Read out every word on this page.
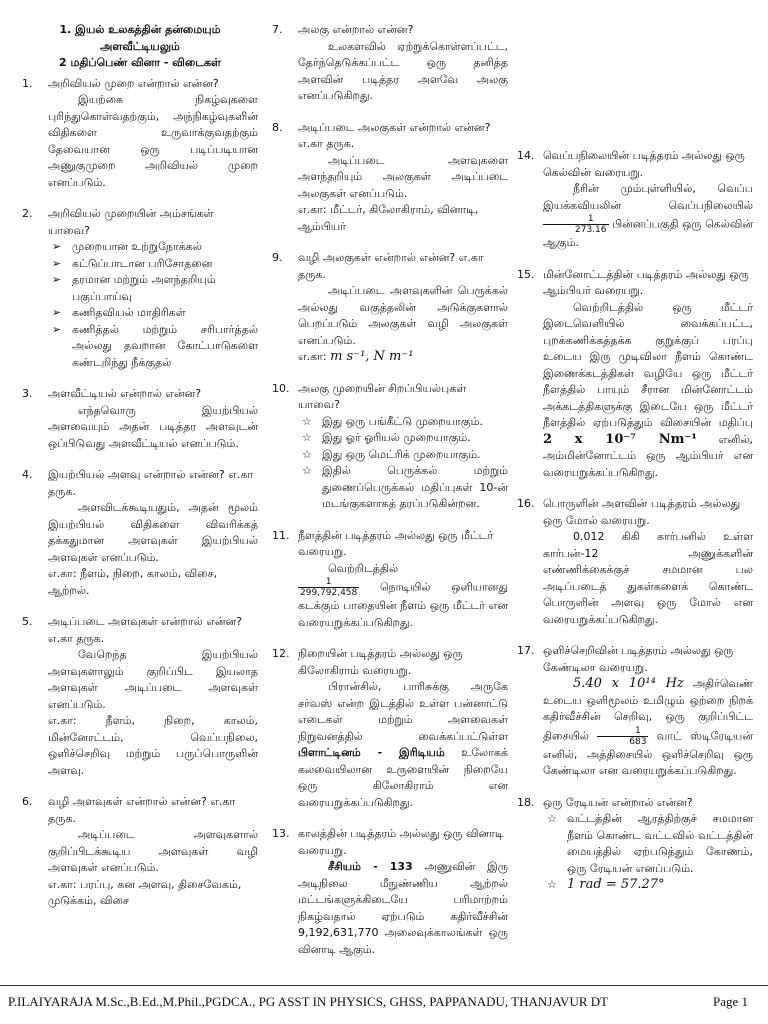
1. இயல் உலகத்தின் தன்மையும் அளவீட்டியலும்
2 மதிப்பெண் வினா - விடைகள்
1. அறிவியல் முறை என்றால் என்ன?
இயற்கை நிகழ்வுகளை புரிந்துகொள்வதற்கும், அந்நிகழ்வுகளின் விதிகளை உருவாக்குவதற்கும் தேவையான ஒரு படிப்படியான அணுகுமுறை அறிவியல் முறை எனப்படும்.
2. அறிவியல் முறையின் அம்சங்கள் யாவை?
➢ முறையான உற்றுநோக்கல்
➢ கட்டுப்பாடான பரிசோதனை
➢ தரமான மற்றும் அளந்தறியும் பகுப்பாய்வு
➢ கணிதவியல் மாதிரிகள்
➢ கணித்தல் மற்றும் சரிபார்த்தல் அல்லது தவறான கோட்பாடுகளை கண்டறிந்து நீக்குதல்
3. அளவீட்டியல் என்றால் என்ன?
எந்தவொரு இயற்பியல் அளவையும் அதன் படித்தர அளவுடன் ஒப்பிடுவது அளவீட்டியல் எனப்படும்.
4. இயற்பியல் அளவு என்றால் என்ன? எ.கா தருக.
அளவிடக்கூடியதும், அதன் மூலம் இயற்பியல் விதிகளை விவரிக்கத் தக்கதுமான அளவுகள் இயற்பியல் அளவுகள் எனப்படும்.
எ.கா: நீளம், நிறை, காலம், விசை, ஆற்றல்.
5. அடிப்படை அளவுகள் என்றால் என்ன? எ.கா தருக.
வேறெந்த இயற்பியல் அளவுகளாலும் குறிப்பிட இயலாத அளவுகள் அடிப்படை அளவுகள் எனப்படும்.
எ.கா: நீளம், நிறை, காலம், மின்னோட்டம், வெப்பநிலை, ஒளிச்செறிவு மற்றும் பருப்பொருளின் அளவு.
6. வழி அளவுகள் என்றால் என்ன? எ.கா தருக.
அடிப்படை அளவுகளால் குறிப்பிடக்கூடிய அளவுகள் வழி அளவுகள் எனப்படும்.
எ.கா: பரப்பு, கன அளவு, திசைவேகம், முடுக்கம், விசை
7. அலகு என்றால் என்ன?
உலகளவில் ஏற்றுக்கொள்ளப்பட்ட, தேர்ந்தெடுக்கப்பட்ட ஒரு தனித்த அளவின் படித்தர அளவே அலகு எனப்படுகிறது.
8. அடிப்படை அலகுகள் என்றால் என்ன? எ.கா தருக.
அடிப்படை அளவுகளை அளந்தறியும் அலகுகள் அடிப்படை அலகுகள் எனப்படும்.
எ.கா: மீட்டர், கிலோகிராம், வினாடி, ஆம்பியர்
9. வழி அலகுகள் என்றால் என்ன? எ.கா தருக.
அடிப்படை அளவுகளின் பெருக்கல் அல்லது வகுத்தலின் அடுக்குகளால் பெறப்படும் அலகுகள் வழி அலகுகள் எனப்படும்.
எ.கா: m s⁻¹, N m⁻¹
10. அலகு முறையின் சிறப்பியல்புகள் யாவை?
☆ இது ஒரு பங்கீட்டு முறையாகும்.
☆ இது ஓர் ஓரியல் முறையாகும்.
☆ இது ஒரு மெட்ரிக் முறையாகும்.
☆ இதில் பெருக்கல் மற்றும் துணைப்பெருக்கல் மதிப்புகள் 10-ன் மடங்குகளாகத் தரப்படுகின்றன.
11. நீளத்தின் படித்தரம் அல்லது ஒரு மீட்டர் வரையறு.
வெற்றிடத்தில்
$\frac{1}{299,792,458}$ நொடியில் ஒளியானது கடக்கும் பாதையின் நீளம் ஒரு மீட்டர் என வரையறுக்கப்படுகிறது.
12. நிறையின் படித்தரம் அல்லது ஒரு கிலோகிராம் வரையறு.
பிரான்சில், பாரிசுக்கு அருகே சர்வஸ் என்ற இடத்தில் உள்ள பன்னாட்டு எடைகள் மற்றும் அளவைகள் நிறுவனத்தில் வைக்கப்பட்டுள்ள பிளாட்டினம் - இரிடியம் உலோகக் கலவையிலான உருளையின் நிறையே ஒரு கிலோகிராம் என வரையறுக்கப்படுகிறது.
13. காலத்தின் படித்தரம் அல்லது ஒரு வினாடி வரையறு.
சீசியம் - 133 அணுவின் இரு அடிநிலை மீநுண்ணிய ஆற்றல் மட்டங்களுக்கிடையே பரிமாற்றம் நிகழ்வதால் ஏற்படும் கதிர்வீச்சின் 9,192,631,770 அலைவுக்காலங்கள் ஒரு வினாடி ஆகும்.
14. வெப்பநிலையின் படித்தரம் அல்லது ஒரு கெல்வின் வரையறு.
நீரின் மும்புள்ளியில், வெப்ப இயக்கவியலின் வெப்பநிலையில்
$\frac{1}{273.16}$ பின்னப்பகுதி ஒரு கெல்வின் ஆகும்.
15. மின்னோட்டத்தின் படித்தரம் அல்லது ஒரு ஆம்பியர் வரையறு.
வெற்றிடத்தில் ஒரு மீட்டர் இடைவெளியில் வைக்கப்பட்ட, புறக்கணிக்கத்தக்க குறுக்குப் பரப்பு உடைய இரு முடிவிலா நீளம் கொண்ட இணைக்கடத்திகள் வழியே ஒரு மீட்டர் நீளத்தில் பாயும் சீரான மின்னோட்டம் அக்கடத்திகளுக்கு இடையே ஒரு மீட்டர் நீளத்தில் ஏற்படுத்தும் விசையின் மதிப்பு 2 x 10⁻⁷ Nm⁻¹ எனில், அம்மின்னோட்டம் ஒரு ஆம்பியர் என வரையறுக்கப்படுகிறது.
16. பொருளின் அளவின் படித்தரம் அல்லது ஒரு மோல் வரையறு.
0.012 கிகி கார்பனில் உள்ள கார்பன்-12 அணுக்களின் எண்ணிக்கைக்குச் சமமான பல அடிப்படைத் துகள்களைக் கொண்ட பொருளின் அளவு ஒரு மோல் என வரையறுக்கப்படுகிறது.
17. ஒளிச்செறிவின் படித்தரம் அல்லது ஒரு கேண்டிலா வரையறு.
5.40 x 10¹⁴ Hz அதிர்வெண் உடைய ஒளிமூலம் உமிழும் ஒற்றை நிறக் கதிர்வீச்சின் செறிவு, ஒரு குறிப்பிட்ட திசையில் $\frac{1}{683}$ வாட் ஸ்டிரேடியன் எனில், அத்திசையில் ஒளிச்செறிவு ஒரு கேண்டிலா என வரையறுக்கப்படுகிறது.
18. ஒரு ரேடியன் என்றால் என்ன?
☆ வட்டத்தின் ஆரத்திற்குச் சமமான நீளம் கொண்ட வட்டவில் வட்டத்தின் மையத்தில் ஏற்படுத்தும் கோணம், ஒரு ரேடியன் எனப்படும்.
☆ 1 rad = 57.27°
P.ILAIYARAJA M.Sc.,B.Ed.,M.Phil.,PGDCA., PG ASST IN PHYSICS, GHSS, PAPPANADU, THANJAVUR DT	Page 1
